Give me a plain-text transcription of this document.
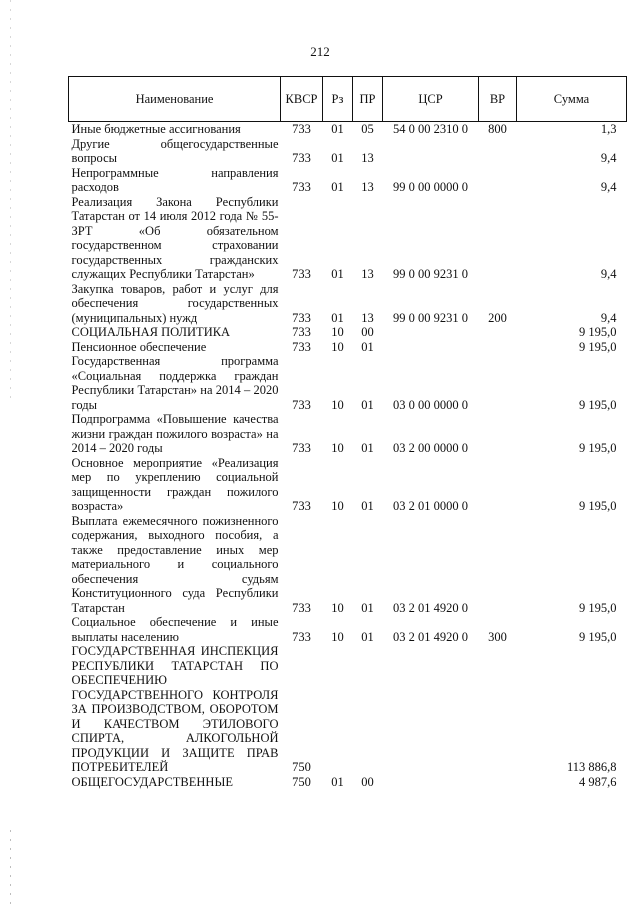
212
Наименование	КВСР	Рз	ПР	ЦСР	ВР	Сумма
Иные бюджетные ассигнования	733	01	05	54 0 00 2310 0	800	1,3
Другие общегосударственные вопросы	733	01	13			9,4
Непрограммные направления расходов	733	01	13	99 0 00 0000 0		9,4
Реализация Закона Республики Татарстан от 14 июля 2012 года № 55-ЗРТ «Об обязательном государственном страховании государственных гражданских служащих Республики Татарстан»	733	01	13	99 0 00 9231 0		9,4
Закупка товаров, работ и услуг для обеспечения государственных (муниципальных) нужд	733	01	13	99 0 00 9231 0	200	9,4
СОЦИАЛЬНАЯ ПОЛИТИКА	733	10	00			9 195,0
Пенсионное обеспечение	733	10	01			9 195,0
Государственная программа «Социальная поддержка граждан Республики Татарстан» на 2014 – 2020 годы	733	10	01	03 0 00 0000 0		9 195,0
Подпрограмма «Повышение качества жизни граждан пожилого возраста» на 2014 – 2020 годы	733	10	01	03 2 00 0000 0		9 195,0
Основное мероприятие «Реализация мер по укреплению социальной защищенности граждан пожилого возраста»	733	10	01	03 2 01 0000 0		9 195,0
Выплата ежемесячного пожизненного содержания, выходного пособия, а также предоставление иных мер материального и социального обеспечения судьям Конституционного суда Республики Татарстан	733	10	01	03 2 01 4920 0		9 195,0
Социальное обеспечение и иные выплаты населению	733	10	01	03 2 01 4920 0	300	9 195,0
ГОСУДАРСТВЕННАЯ ИНСПЕКЦИЯ РЕСПУБЛИКИ ТАТАРСТАН ПО ОБЕСПЕЧЕНИЮ ГОСУДАРСТВЕННОГО КОНТРОЛЯ ЗА ПРОИЗВОДСТВОМ, ОБОРОТОМ И КАЧЕСТВОМ ЭТИЛОВОГО СПИРТА, АЛКОГОЛЬНОЙ ПРОДУКЦИИ И ЗАЩИТЕ ПРАВ ПОТРЕБИТЕЛЕЙ	750					113 886,8
ОБЩЕГОСУДАРСТВЕННЫЕ	750	01	00			4 987,6
